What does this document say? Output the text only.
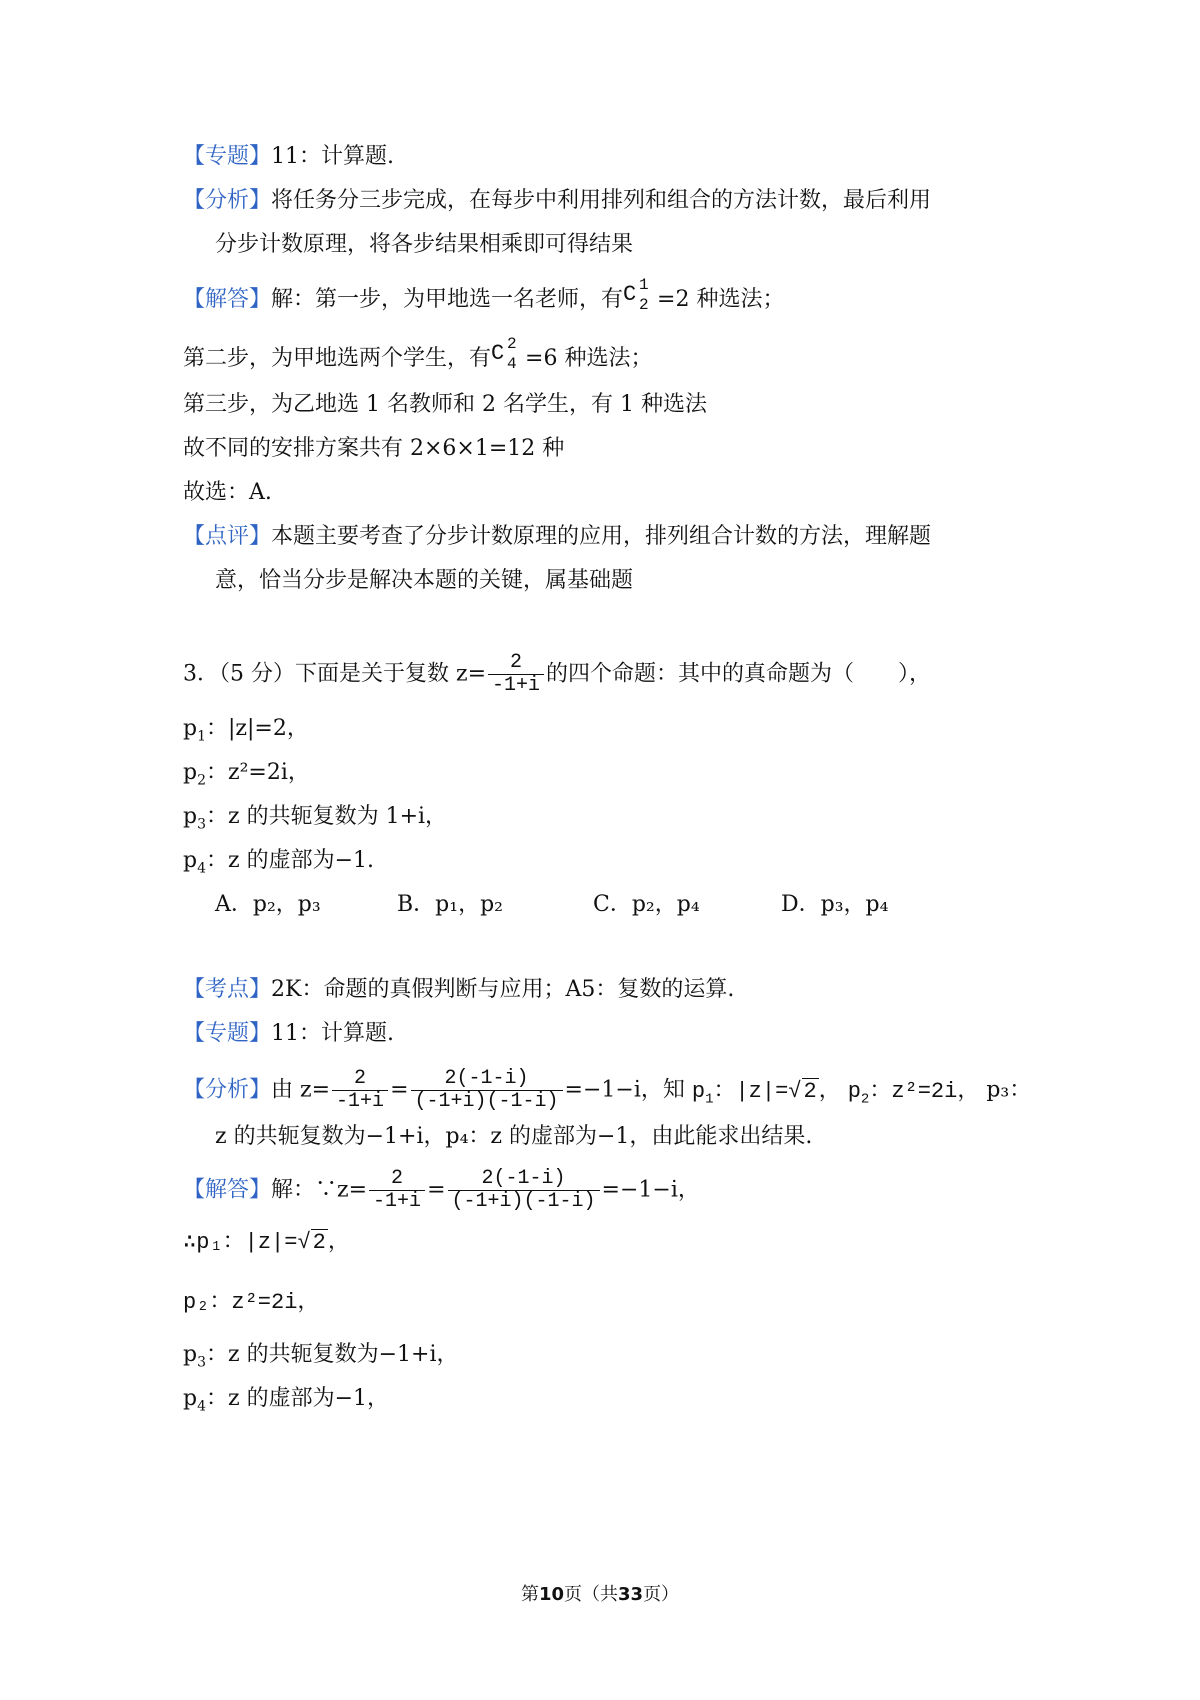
【专题】11：计算题.
【分析】将任务分三步完成，在每步中利用排列和组合的方法计数，最后利用
分步计数原理，将各步结果相乘即可得结果
【解答】解：第一步，为甲地选一名老师，有 C 1
2 =2 种选法；
第二步，为甲地选两个学生，有 C 2
4 =6 种选法；
第三步，为乙地选 1 名教师和 2 名学生，有 1 种选法
故不同的安排方案共有 2×6×1=12 种
故选：A.
【点评】本题主要考查了分步计数原理的应用，排列组合计数的方法，理解题
意，恰当分步是解决本题的关键，属基础题
3．（5 分）下面是关于复数 $z= \frac{2}{-1+i}$ 的四个命题：其中的真命题为（　　），
$p_1$：|z|=2，
$p_2$：z²=2i，
$p_3$：z 的共轭复数为 1+i，
$p_4$：z 的虚部为−1.
A．p₂，p₃	B．p₁，p₂	C．p₂，p₄	D．p₃，p₄
【考点】2K：命题的真假判断与应用；A5：复数的运算.
【专题】11：计算题.
【分析】由 $z= \frac{2}{-1+i} = \frac{2(-1-i)}{(-1+i)(-1-i)} =-1-i$，知 $p_1$：|z|=√2， $p_2$：z²=2i， p₃：
z 的共轭复数为−1+i，p₄：z 的虚部为−1，由此能求出结果.
【解答】解：∵z= $\frac{2}{-1+i} = \frac{2(-1-i)}{(-1+i)(-1-i)} =-1-i$，
∴p₁：|z|=√2，
p₂：z²=2i，
$p_3$：z 的共轭复数为−1+i，
$p_4$：z 的虚部为−1，
第10页（共33页）
